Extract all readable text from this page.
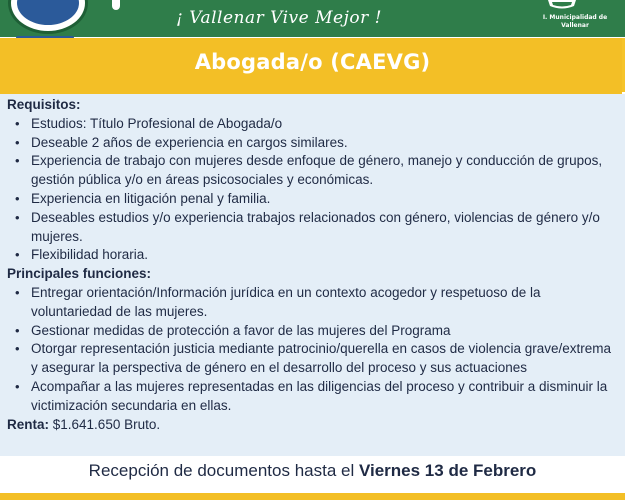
¡ Vallenar Vive Mejor !	I. Municipalidad de Vallenar
Abogada/o (CAEVG)
Requisitos:
• Estudios: Título Profesional de Abogada/o
• Deseable 2 años de experiencia en cargos similares.
• Experiencia de trabajo con mujeres desde enfoque de género, manejo y conducción de grupos, gestión pública y/o en áreas psicosociales y económicas.
• Experiencia en litigación penal y familia.
• Deseables estudios y/o experiencia trabajos relacionados con género, violencias de género y/o mujeres.
• Flexibilidad horaria.
Principales funciones:
• Entregar orientación/Información jurídica en un contexto acogedor y respetuoso de la voluntariedad de las mujeres.
• Gestionar medidas de protección a favor de las mujeres del Programa
• Otorgar representación justicia mediante patrocinio/querella en casos de violencia grave/extrema y asegurar la perspectiva de género en el desarrollo del proceso y sus actuaciones
• Acompañar a las mujeres representadas en las diligencias del proceso y contribuir a disminuir la victimización secundaria en ellas.
Renta: $1.641.650 Bruto.
Recepción de documentos hasta el Viernes 13 de Febrero
